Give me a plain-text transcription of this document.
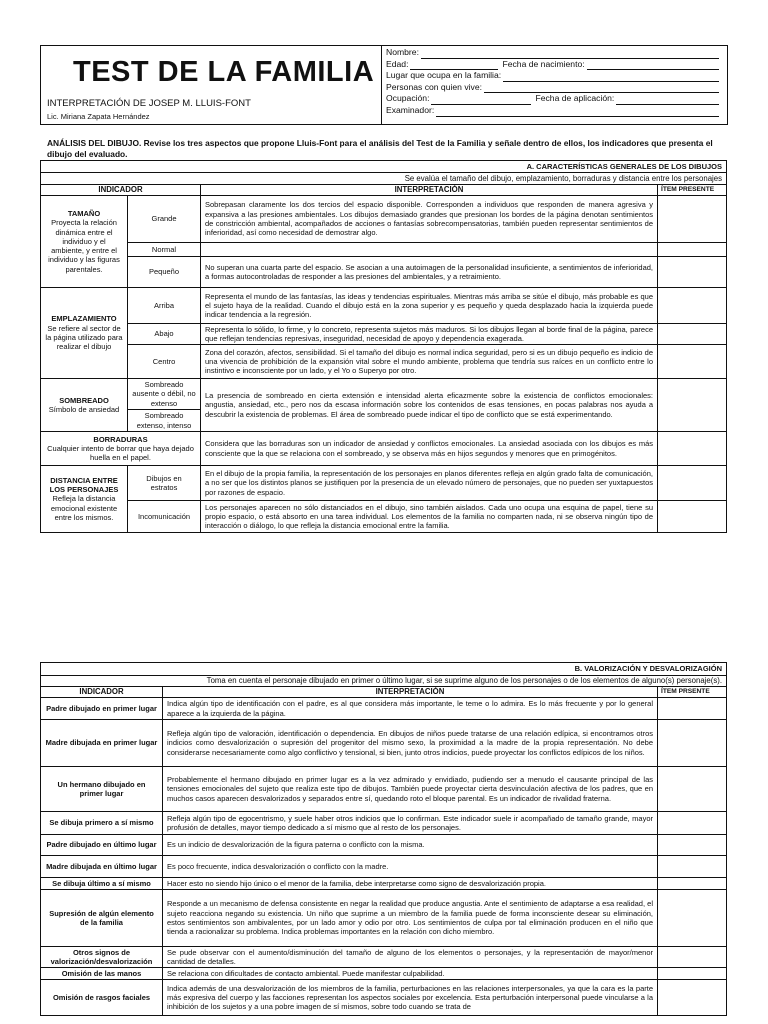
TEST DE LA FAMILIA
INTERPRETACIÓN DE JOSEP M. LLUIS-FONT
Lic. Miriana Zapata Hernández
Nombre:
Edad:	Fecha de nacimiento:
Lugar que ocupa en la familia:
Personas con quien vive:
Ocupación:	Fecha de aplicación:
Examinador:
ANÁLISIS DEL DIBUJO. Revise los tres aspectos que propone Lluis-Font para el análisis del Test de la Familia y señale dentro de ellos, los indicadores que presenta el dibujo del evaluado.
A. CARACTERÍSTICAS GENERALES DE LOS DIBUJOS			
Se evalúa el tamaño del dibujo, emplazamiento, borraduras y distancia entre los personajes			
INDICADOR		INTERPRETACIÓN	ÍTEM PRESENTE
TAMAÑO
Proyecta la relación dinámica entre el individuo y el ambiente, y entre el individuo y las figuras parentales.	Grande	Sobrepasan claramente los dos tercios del espacio disponible. Corresponden a individuos que responden de manera agresiva y expansiva a las presiones ambientales. Los dibujos demasiado grandes que presionan los bordes de la página denotan sentimientos de constricción ambiental, acompañados de acciones o fantasías sobrecompensatorias, también pueden representar sentimientos de inferioridad, así como necesidad de demostrar algo.	
	Normal		
	Pequeño	No superan una cuarta parte del espacio. Se asocian a una autoimagen de la personalidad insuficiente, a sentimientos de inferioridad, a formas autocontroladas de responder a las presiones del ambientales, y a retraimiento.	
EMPLAZAMIENTO
Se refiere al sector de la página utilizado para realizar el dibujo	Arriba	Representa el mundo de las fantasías, las ideas y tendencias espirituales. Mientras más arriba se sitúe el dibujo, más probable es que el sujeto haya de la realidad. Cuando el dibujo está en la zona superior y es pequeño y queda desplazado hacia la izquierda puede indicar tendencia a la regresión.	
	Abajo	Representa lo sólido, lo firme, y lo concreto, representa sujetos más maduros. Si los dibujos llegan al borde final de la página, parece que reflejan tendencias represivas, inseguridad, necesidad de apoyo y dependencia exagerada.	
	Centro	Zona del corazón, afectos, sensibilidad. Si el tamaño del dibujo es normal indica seguridad, pero si es un dibujo pequeño es indicio de una vivencia de prohibición de la expansión vital sobre el mundo ambiente, problema que tendría sus raíces en un conflicto entre lo instintivo e inconsciente por un lado, y el Yo o Superyo por otro.	
SOMBREADO
Símbolo de ansiedad	Sombreado ausente o débil, no extenso	La presencia de sombreado en cierta extensión e intensidad alerta eficazmente sobre la existencia de conflictos emocionales: angustia, ansiedad, etc., pero nos da escasa información sobre los contenidos de esas tensiones, en pocas palabras nos ayuda a descubrir la existencia de problemas. El área de sombreado puede indicar el tipo de conflicto que se está experimentando.	
	Sombreado extenso, intenso		
BORRADURAS
Cualquier intento de borrar que haya dejado huella en el papel.		Considera que las borraduras son un indicador de ansiedad y conflictos emocionales. La ansiedad asociada con los dibujos es más consciente que la que se relaciona con el sombreado, y se observa más en hijos segundos y menores que en primogénitos.	
DISTANCIA ENTRE LOS PERSONAJES
Refleja la distancia emocional existente entre los mismos.	Dibujos en estratos	En el dibujo de la propia familia, la representación de los personajes en planos diferentes refleja en algún grado falta de comunicación, a no ser que los distintos planos se justifiquen por la presencia de un elevado número de personajes, que no pueden ser yuxtapuestos por razones de espacio.	
	Incomunicación	Los personajes aparecen no sólo distanciados en el dibujo, sino también aislados. Cada uno ocupa una esquina de papel, tiene su propio espacio, o está absorto en una tarea individual. Los elementos de la familia no comparten nada, ni se observa ningún tipo de interacción o diálogo, lo que refleja la distancia emocional entre la familia.	
B. VALORIZACIÓN Y DESVALORIZAGIÓN		
Toma en cuenta el personaje dibujado en primer o último lugar, si se suprime alguno de los personajes o de los elementos de alguno(s) personaje(s).		
INDICADOR	INTERPRETACIÓN	ÍTEM PRSENTE
Padre dibujado en primer lugar	Indica algún tipo de identificación con el padre, es al que considera más importante, le teme o lo admira. Es lo más frecuente y por lo general aparece a la izquierda de la página.	
Madre dibujada en primer lugar	Refleja algún tipo de valoración, identificación o dependencia. En dibujos de niños puede tratarse de una relación edípica, si encontramos otros indicios como desvalorización o supresión del progenitor del mismo sexo, la proximidad a la madre de la propia representación. No debe considerarse necesariamente como algo conflictivo y tensional, si bien, junto otros indicios, puede proyectar los conflictos edípicos de los niños.	
Un hermano dibujado en primer lugar	Probablemente el hermano dibujado en primer lugar es a la vez admirado y envidiado, pudiendo ser a menudo el causante principal de las tensiones emocionales del sujeto que realiza este tipo de dibujos. También puede proyectar cierta desvinculación afectiva de los padres, que en muchos casos aparecen desvalorizados y separados entre sí, quedando roto el bloque parental. Es un indicador de rivalidad fraterna.	
Se dibuja primero a sí mismo	Refleja algún tipo de egocentrismo, y suele haber otros indicios que lo confirman. Este indicador suele ir acompañado de tamaño grande, mayor profusión de detalles, mayor tiempo dedicado a sí mismo que al resto de los personajes.	
Padre dibujado en último lugar	Es un indicio de desvalorización de la figura paterna o conflicto con la misma.	
Madre dibujada en último lugar	Es poco frecuente, indica desvalorización o conflicto con la madre.	
Se dibuja último a sí mismo	Hacer esto no siendo hijo único o el menor de la familia, debe interpretarse como signo de desvalorización propia.	
Supresión de algún elemento de la familia	Responde a un mecanismo de defensa consistente en negar la realidad que produce angustia. Ante el sentimiento de adaptarse a esa realidad, el sujeto reacciona negando su existencia. Un niño que suprime a un miembro de la familia puede de forma inconsciente desear su eliminación, estos sentimientos son ambivalentes, por un lado amor y odio por otro. Los sentimientos de culpa por tal eliminación producen en el niño que tienda a racionalizar su problema. Indica problemas importantes en la relación con dicho miembro.	
Otros signos de valorización/desvalorización	Se pude observar con el aumento/disminución del tamaño de alguno de los elementos o personajes, y la representación de mayor/menor cantidad de detalles.	
Omisión de las manos	Se relaciona con dificultades de contacto ambiental. Puede manifestar culpabilidad.	
Omisión de rasgos faciales	Indica además de una desvalorización de los miembros de la familia, perturbaciones en las relaciones interpersonales, ya que la cara es la parte más expresiva del cuerpo y las facciones representan los aspectos sociales por excelencia. Esta perturbación interpersonal puede vincularse a la inhibición de los sujetos y a una pobre imagen de sí mismos, sobre todo cuando se trata de	
